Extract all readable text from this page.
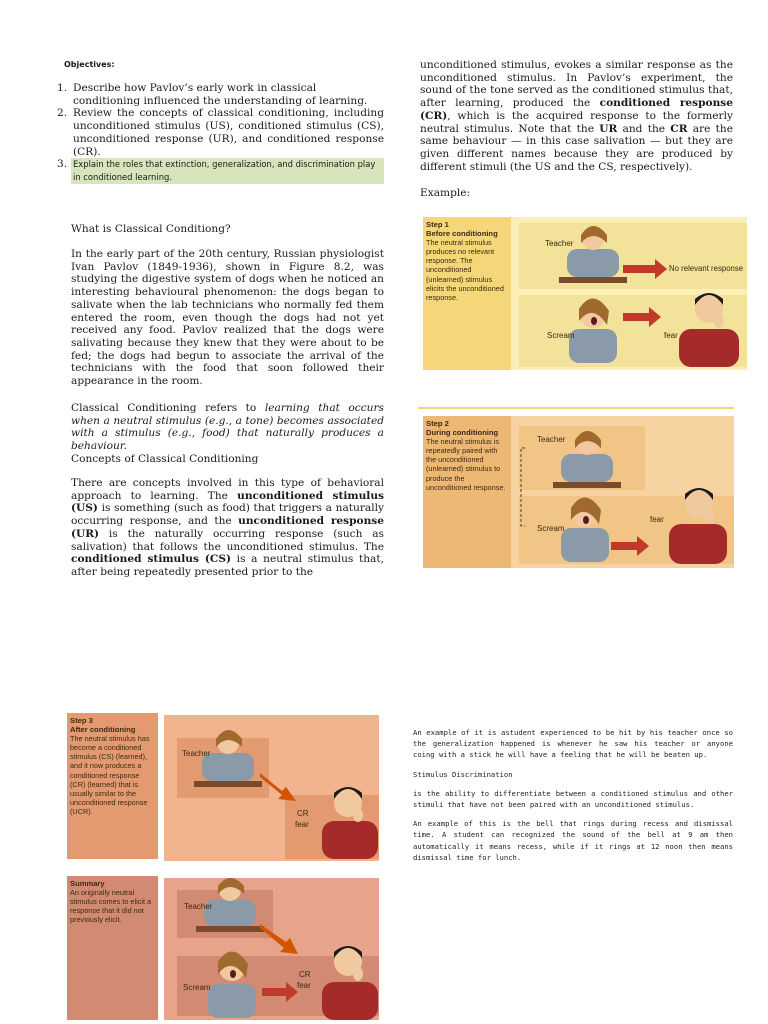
Objectives:
1. Describe how Pavlov’s early work in classical conditioning influenced the understanding of learning.
2. Review the concepts of classical conditioning, including unconditioned stimulus (US), conditioned stimulus (CS), unconditioned response (UR), and conditioned response (CR).
3. Explain the roles that extinction, generalization, and discrimination play in conditioned learning.
What is Classical Conditiong?
In the early part of the 20th century, Russian physiologist Ivan Pavlov (1849-1936), shown in Figure 8.2, was studying the digestive system of dogs when he noticed an interesting behavioural phenomenon: the dogs began to salivate when the lab technicians who normally fed them entered the room, even though the dogs had not yet received any food. Pavlov realized that the dogs were salivating because they knew that they were about to be fed; the dogs had begun to associate the arrival of the technicians with the food that soon followed their appearance in the room.
Classical Conditioning refers to learning that occurs when a neutral stimulus (e.g., a tone) becomes associated with a stimulus (e.g., food) that naturally produces a behaviour.
Concepts of Classical Conditioning
There are concepts involved in this type of behavioral approach to learning. The unconditioned stimulus (US) is something (such as food) that triggers a naturally occurring response, and the unconditioned response (UR) is the naturally occurring response (such as salivation) that follows the unconditioned stimulus. The conditioned stimulus (CS) is a neutral stimulus that, after being repeatedly presented prior to the
unconditioned stimulus, evokes a similar response as the unconditioned stimulus. In Pavlov’s experiment, the sound of the tone served as the conditioned stimulus that, after learning, produced the conditioned response (CR), which is the acquired response to the formerly neutral stimulus. Note that the UR and the CR are the same behaviour — in this case salivation — but they are given different names because they are produced by different stimuli (the US and the CS, respectively).
Example:
Step 1
Before conditioning
The neutral stimulus produces no relevant response. The unconditioned (unlearned) stimulus elicits the unconditioned response.
Teacher
No relevant response
Scream	fear
Step 2
During conditioning
The neutral stimulus is repeatedly paired with the unconditioned (unlearned) stimulus to produce the unconditioned response.
Teacher
Scream
fear
Step 3
After conditioning
The neutral stimulus has become a conditioned stimulus (CS) (learned), and it now produces a conditioned response (CR) (learned) that is usually similar to the unconditioned response (UCR).
Teacher
CR
fear
Summary
An originally neutral stimulus comes to elicit a response that it did not previously elicit.
Teacher
Scream
CR
fear

An example of it is astudent experienced to be hit by his teacher once so the generalization happened is whenever he saw his teacher or anyone coing with a stick he will have a feeling that he will be beaten up.

Stimulus Discrimination

is the ability to differentiate between a conditioned stimulus and other stimuli that have not been paired with an unconditioned stimulus.

An example of this is the bell that rings during recess and dismissal time. A student can recognized the sound of the bell at 9 am then automatically it means recess, while if it rings at 12 noon then means dismissal time for lunch.
